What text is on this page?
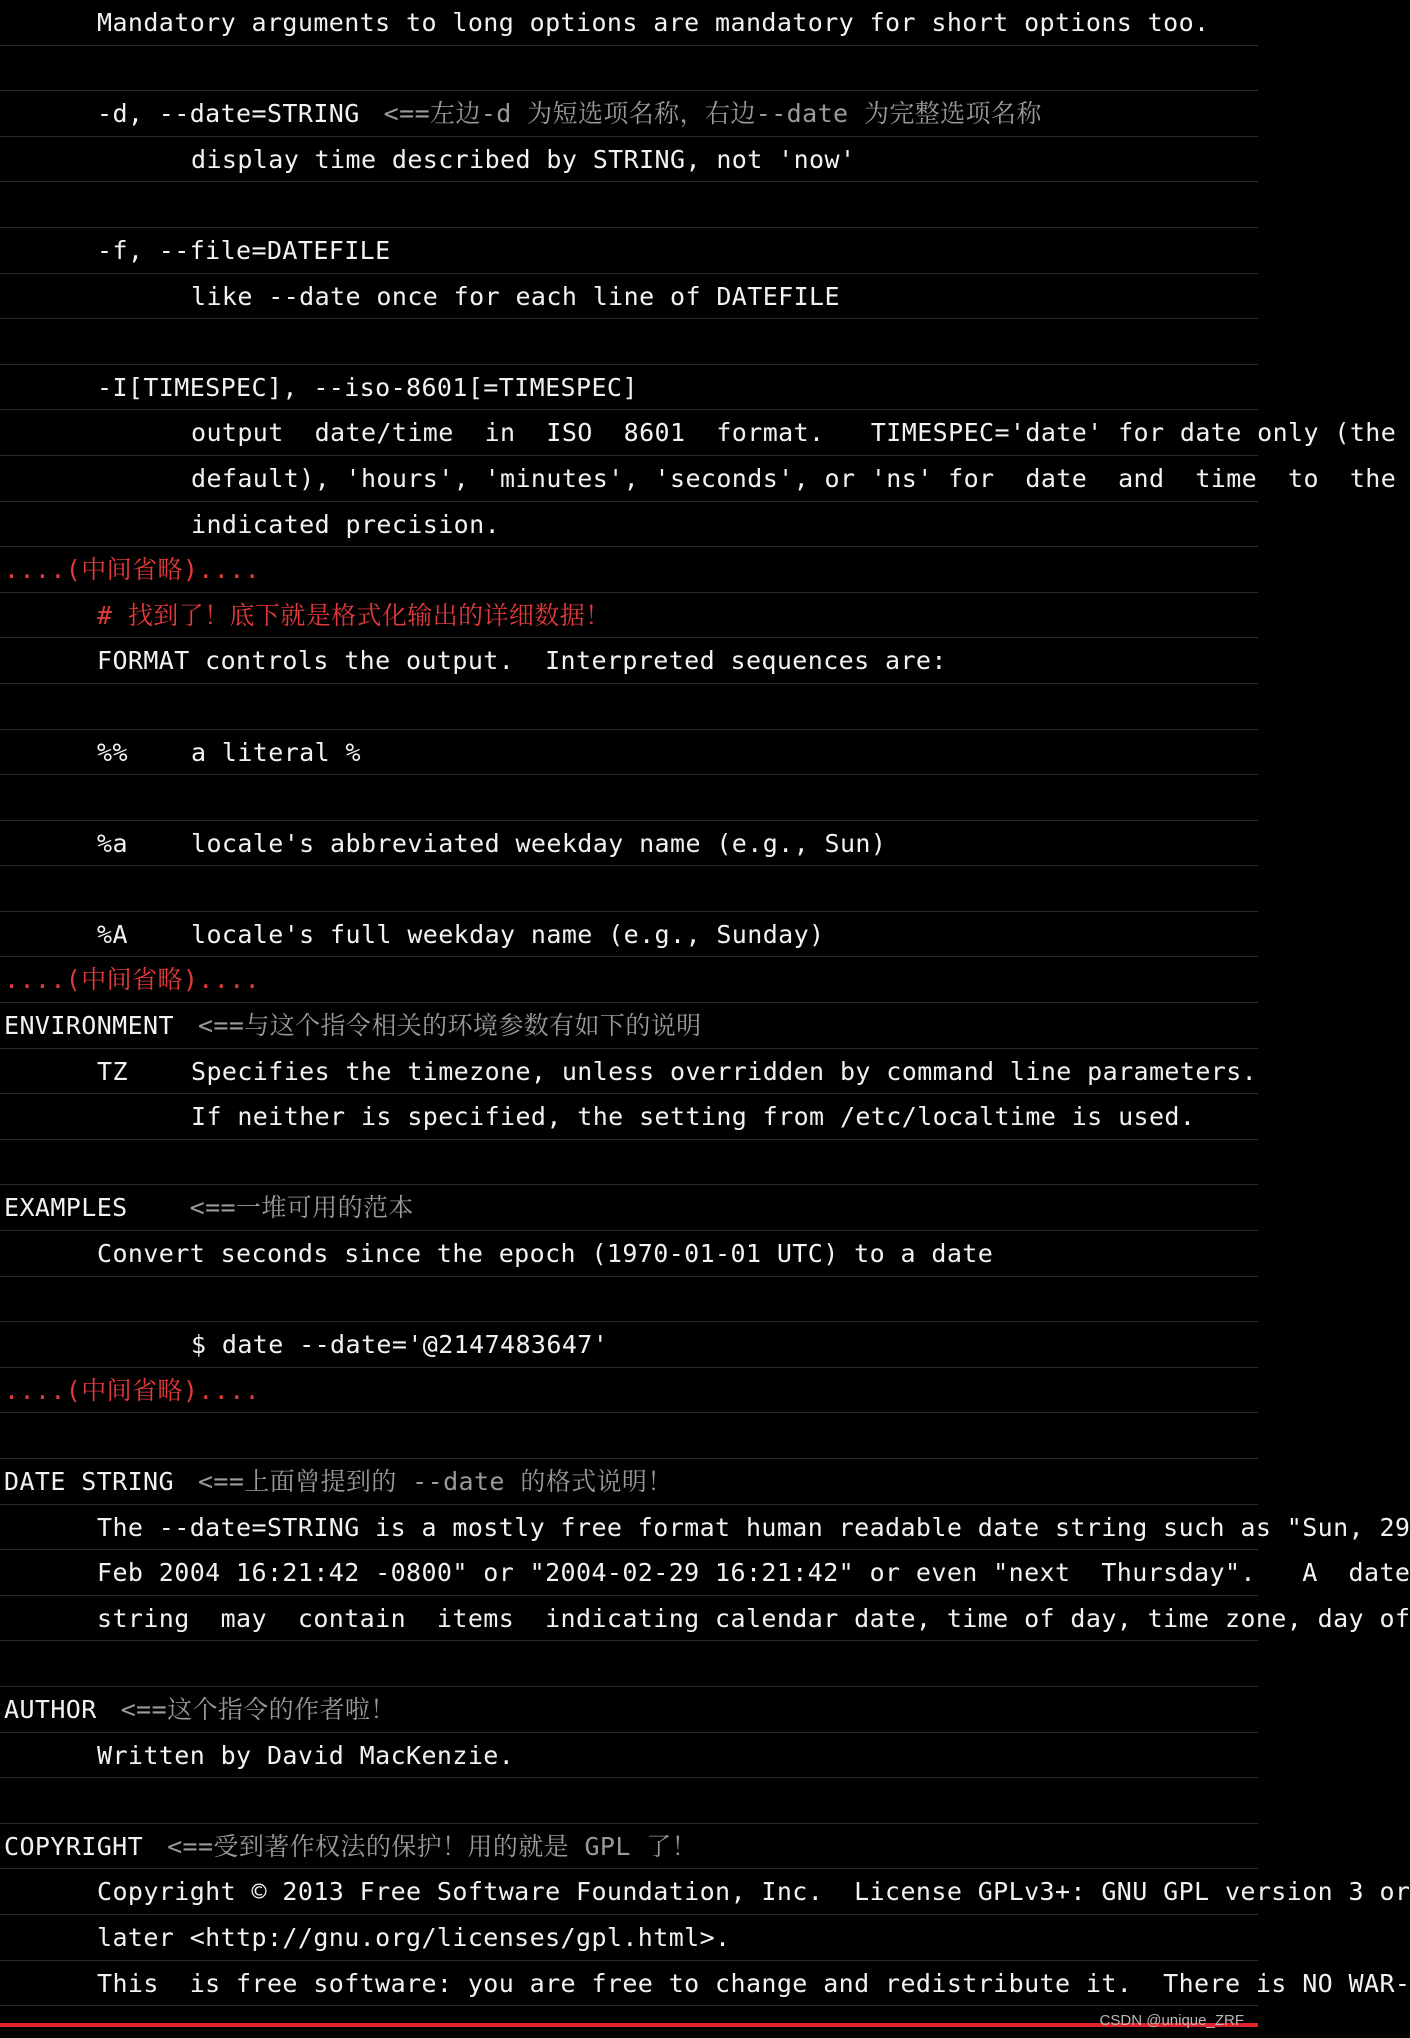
Mandatory arguments to long options are mandatory for short options too.
-d, --date=STRING <==左边-d 为短选项名称，右边--date 为完整选项名称
display time described by STRING, not 'now'
-f, --file=DATEFILE
like --date once for each line of DATEFILE
-I[TIMESPEC], --iso-8601[=TIMESPEC]
output  date/time  in  ISO  8601  format.   TIMESPEC='date' for date only (the
default), 'hours', 'minutes', 'seconds', or 'ns' for  date  and  time  to  the
indicated precision.
....(中间省略)....
# 找到了！底下就是格式化输出的详细数据！
FORMAT controls the output.  Interpreted sequences are:
%%	a literal %
%a	locale's abbreviated weekday name (e.g., Sun)
%A	locale's full weekday name (e.g., Sunday)
....(中间省略)....
ENVIRONMENT <==与这个指令相关的环境参数有如下的说明
TZ	Specifies the timezone, unless overridden by command line parameters.
If neither is specified, the setting from /etc/localtime is used.
EXAMPLES <==一堆可用的范本
Convert seconds since the epoch (1970-01-01 UTC) to a date
$ date --date='@2147483647'
....(中间省略)....
DATE STRING <==上面曾提到的 --date 的格式说明！
The --date=STRING is a mostly free format human readable date string such as "Sun, 29
Feb 2004 16:21:42 -0800" or "2004-02-29 16:21:42" or even "next  Thursday".   A  date
string  may  contain  items  indicating calendar date, time of day, time zone, day of
AUTHOR <==这个指令的作者啦！
Written by David MacKenzie.
COPYRIGHT <==受到著作权法的保护！用的就是 GPL 了！
Copyright © 2013 Free Software Foundation, Inc.  License GPLv3+: GNU GPL version 3 or
later <http://gnu.org/licenses/gpl.html>.
This  is free software: you are free to change and redistribute it.  There is NO WAR-
CSDN @unique_ZRF
